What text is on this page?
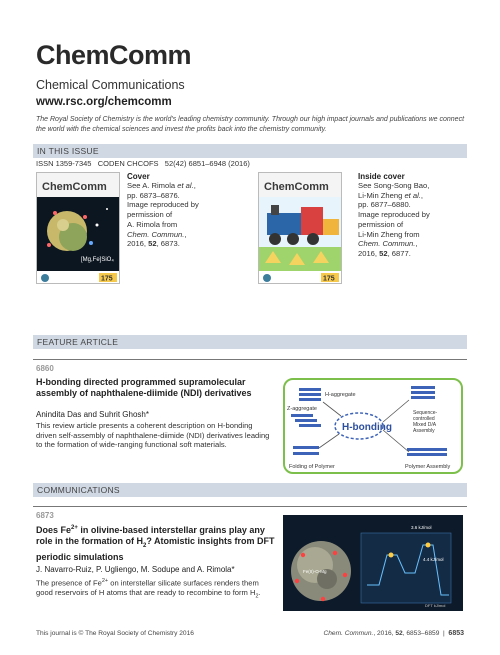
ChemComm
Chemical Communications
www.rsc.org/chemcomm
The Royal Society of Chemistry is the world's leading chemistry community. Through our high impact journals and publications we connect the world with the chemical sciences and invest the profits back into the chemistry community.
IN THIS ISSUE
ISSN 1359-7345   CODEN CHCOFS   52(42) 6851–6948 (2016)
ChemComm
[Mg,Fe]SiO₄
175
Cover
See A. Rimola et al.,
pp. 6873–6876.
Image reproduced by
permission of
A. Rimola from
Chem. Commun.,
2016, 52, 6873.
ChemComm
175
Inside cover
See Song-Song Bao,
Li-Min Zheng et al.,
pp. 6877–6880.
Image reproduced by
permission of
Li-Min Zheng from
Chem. Commun.,
2016, 52, 6877.
FEATURE ARTICLE
6860
H-bonding directed programmed supramolecular assembly of naphthalene-diimide (NDI) derivatives
Anindita Das and Suhrit Ghosh*
This review article presents a coherent description on H-bonding driven self-assembly of naphthalene-diimide (NDI) derivatives leading to the formation of wide-ranging functional soft materials.
H-aggregate
Z-aggregate
H-bonding
Sequence- controlled Mixed D/A Assembly
Folding of Polymer	Polymer Assembly
COMMUNICATIONS
6873
Does $Fe^{2+}$ in olivine-based interstellar grains play any role in the formation of $H_2$? Atomistic insights from DFT periodic simulations
J. Navarro-Ruiz, P. Ugliengo, M. Sodupe and A. Rimola*
The presence of $Fe^{2+}$ on interstellar silicate surfaces renders them good reservoirs of H atoms that are ready to recombine to form $H_2$.
Fe(II)-O-Mg
3.6 kJ/mol
4.4 kJ/mol
DFT kJ/mol
This journal is © The Royal Society of Chemistry 2016	Chem. Commun., 2016, 52, 6853–6859 | 6853
